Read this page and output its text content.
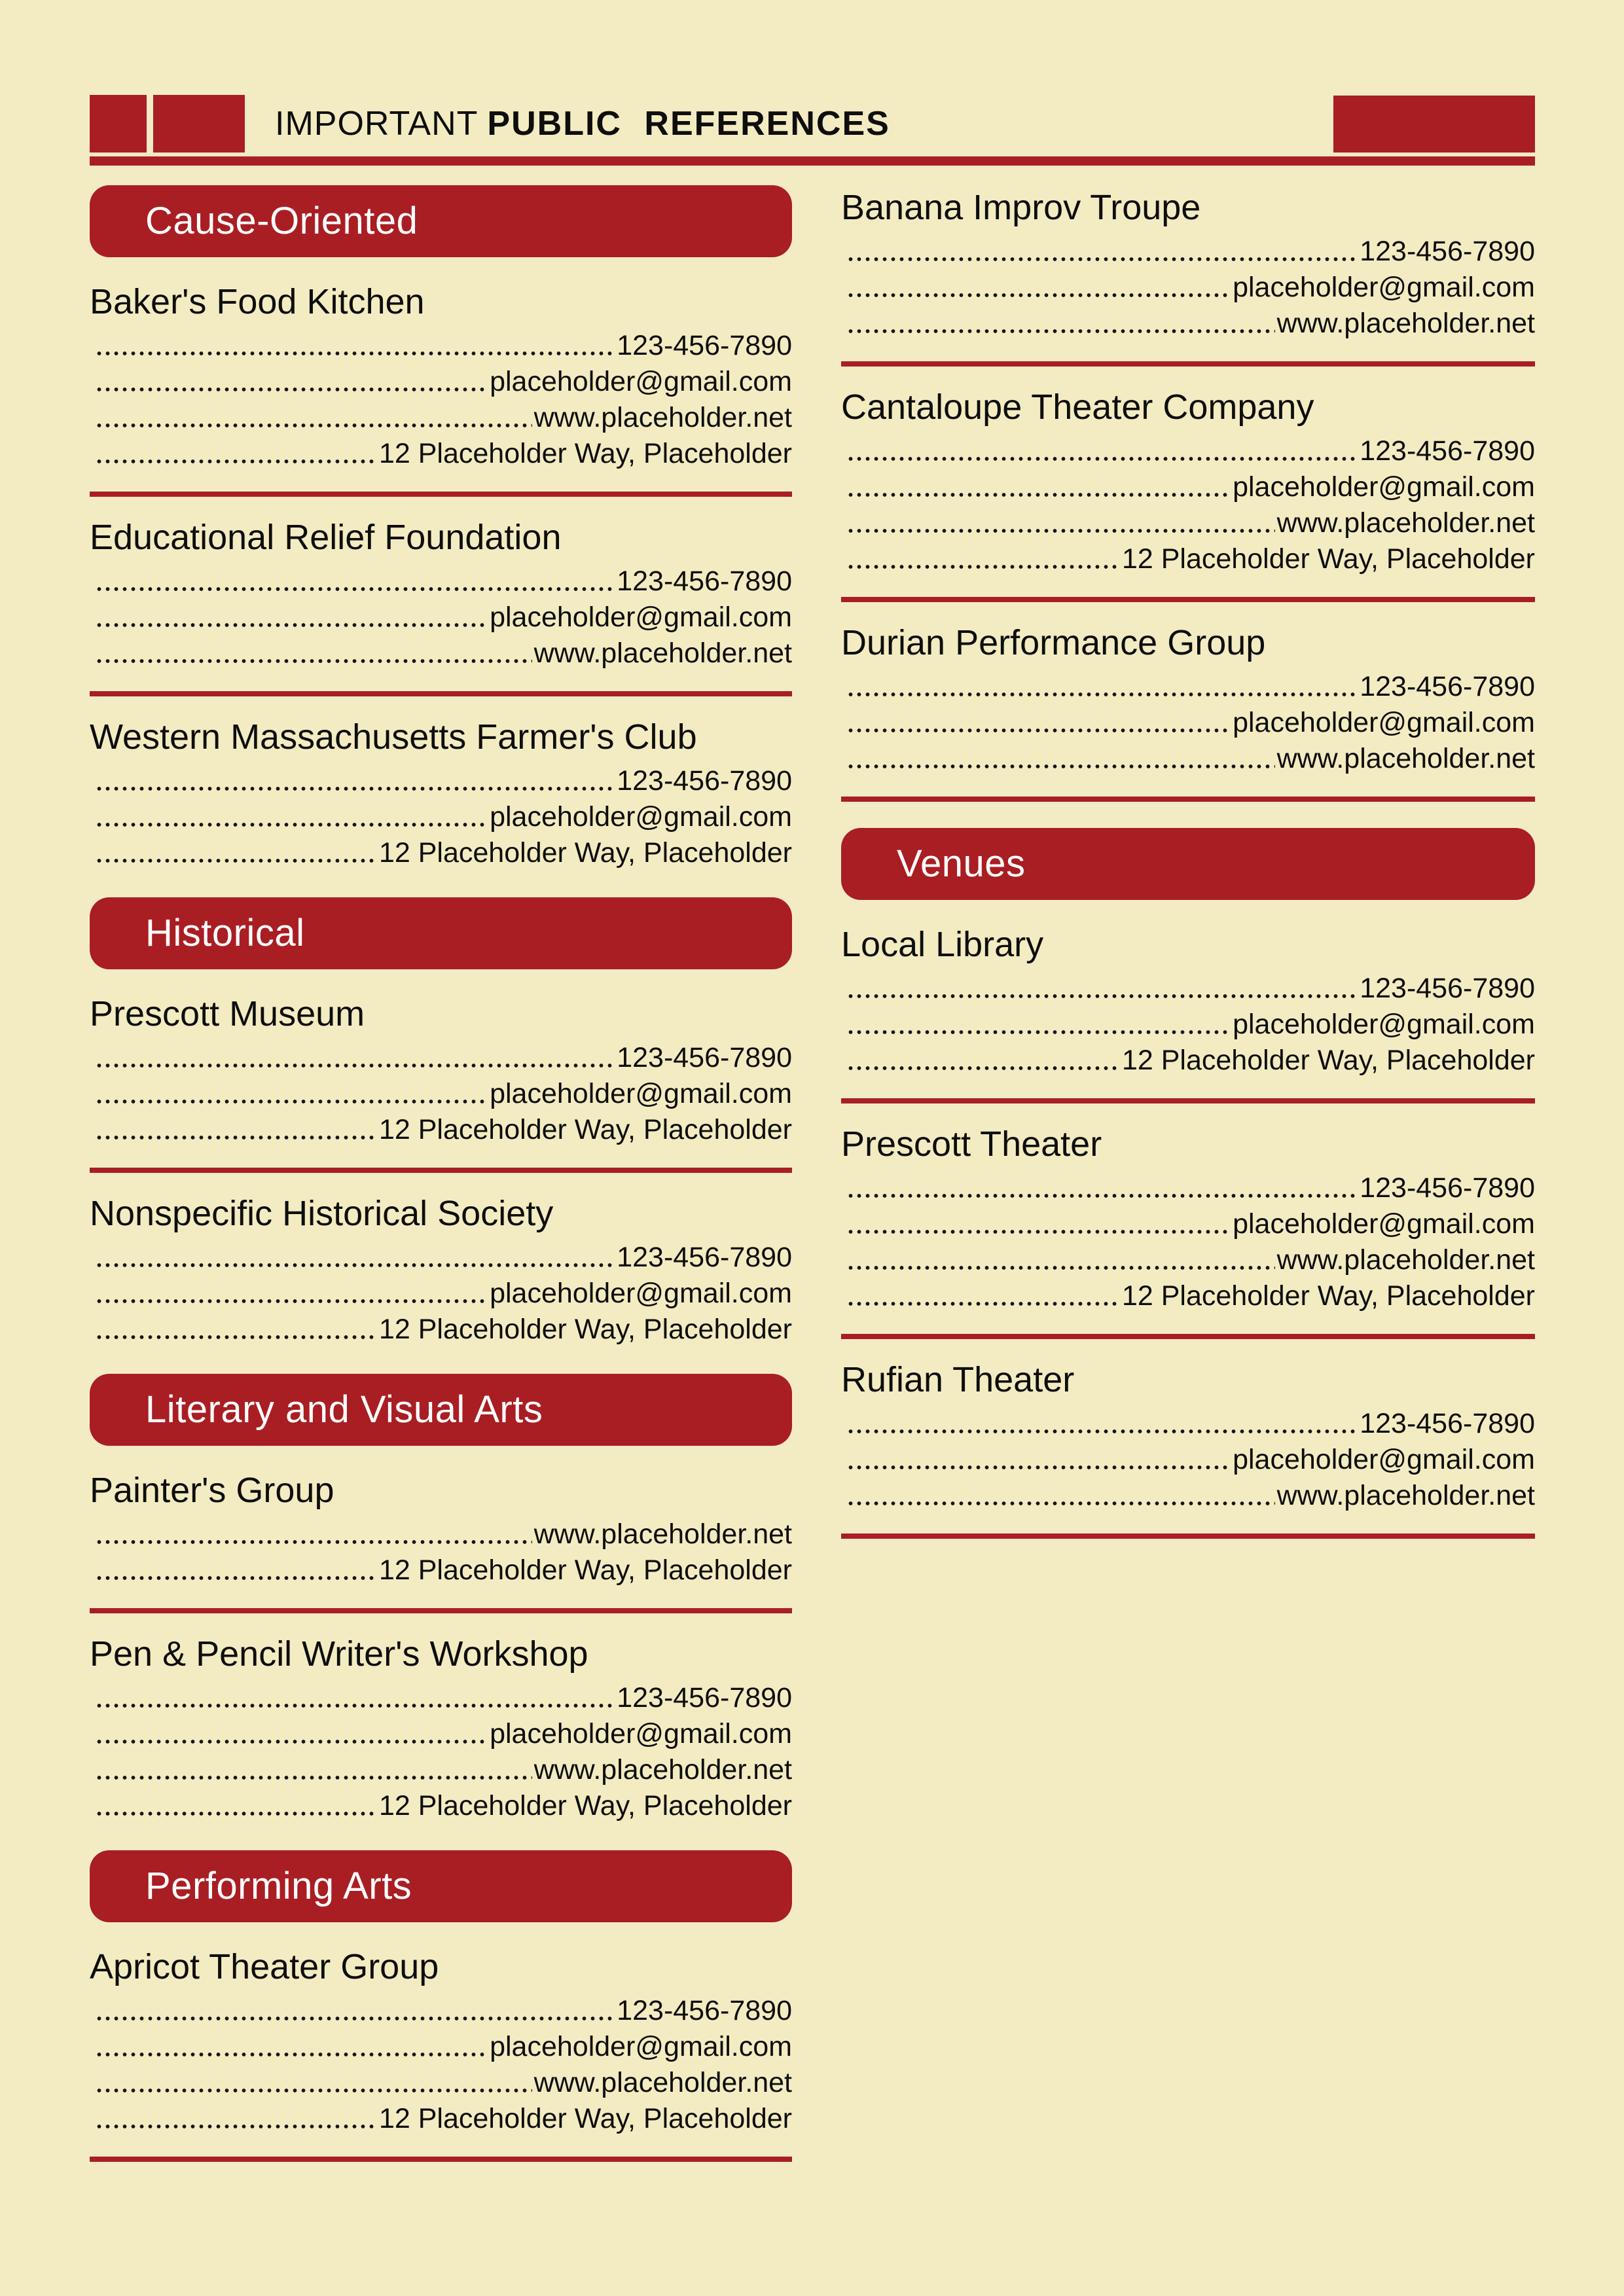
IMPORTANT PUBLIC REFERENCES
Cause-Oriented
Baker's Food Kitchen
123-456-7890
placeholder@gmail.com
www.placeholder.net
12 Placeholder Way, Placeholder
Educational Relief Foundation
123-456-7890
placeholder@gmail.com
www.placeholder.net
Western Massachusetts Farmer's Club
123-456-7890
placeholder@gmail.com
12 Placeholder Way, Placeholder
Historical
Prescott Museum
123-456-7890
placeholder@gmail.com
12 Placeholder Way, Placeholder
Nonspecific Historical Society
123-456-7890
placeholder@gmail.com
12 Placeholder Way, Placeholder
Literary and Visual Arts
Painter's Group
www.placeholder.net
12 Placeholder Way, Placeholder
Pen & Pencil Writer's Workshop
123-456-7890
placeholder@gmail.com
www.placeholder.net
12 Placeholder Way, Placeholder
Performing Arts
Apricot Theater Group
123-456-7890
placeholder@gmail.com
www.placeholder.net
12 Placeholder Way, Placeholder
Banana Improv Troupe
123-456-7890
placeholder@gmail.com
www.placeholder.net
Cantaloupe Theater Company
123-456-7890
placeholder@gmail.com
www.placeholder.net
12 Placeholder Way, Placeholder
Durian Performance Group
123-456-7890
placeholder@gmail.com
www.placeholder.net
Venues
Local Library
123-456-7890
placeholder@gmail.com
12 Placeholder Way, Placeholder
Prescott Theater
123-456-7890
placeholder@gmail.com
www.placeholder.net
12 Placeholder Way, Placeholder
Rufian Theater
123-456-7890
placeholder@gmail.com
www.placeholder.net
